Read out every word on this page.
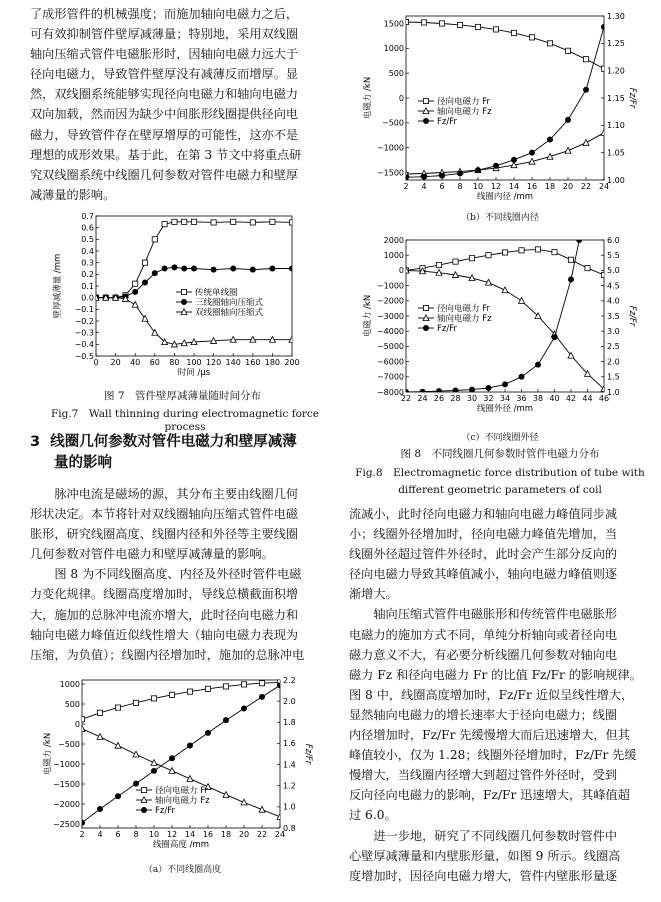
了成形管件的机械强度；而施加轴向电磁力之后，

可有效抑制管件壁厚减薄量；特别地，采用双线圈

轴向压缩式管件电磁胀形时，因轴向电磁力远大于

径向电磁力，导致管件壁厚没有减薄反而增厚。显

然，双线圈系统能够实现径向电磁力和轴向电磁力

双向加载，然而因为缺少中间胀形线圈提供径向电

磁力，导致管件存在壁厚增厚的可能性，这亦不是

理想的成形效果。基于此，在第 3 节文中将重点研

究双线圈系统中线圈几何参数对管件电磁力和壁厚

减薄量的影响。

0 20 40 60 80 100 120 140 160 180 200
−0.5
−0.4
−0.3
−0.2
−0.1
0.0
0.1
0.2
0.3
0.4
0.5
0.6
0.7
时间 /μs
壁厚减薄量 /mm	传统单线圈
三线圈轴向压缩式
双线圈轴向压缩式
图 7　管件壁厚减薄量随时间分布
Fig.7　Wall thinning during electromagnetic force process
3 线圈几何参数对管件电磁力和壁厚减薄
量的影响

　　脉冲电流是磁场的源，其分布主要由线圈几何

形状决定。本节将针对双线圈轴向压缩式管件电磁

胀形，研究线圈高度、线圈内径和外径等主要线圈

几何参数对管件电磁力和壁厚减薄量的影响。

　　图 8 为不同线圈高度、内径及外径时管件电磁

力变化规律。线圈高度增加时，导线总横截面积增

大，施加的总脉冲电流亦增大，此时径向电磁力和

轴向电磁力峰值近似线性增大（轴向电磁力表现为

压缩，为负值）；线圈内径增加时，施加的总脉冲电

2 4 6 8 10 12 14 16 18 20 22 24
−2500
−2000
−1500
−1000
−500
0
500
1000
0.8
1.0
1.2
1.4
1.6
1.8
2.0
2.2
Fz/Fr
线圈高度 /mm
电磁力 /kN
径向电磁力 Fr
轴向电磁力 Fz
Fz/Fr
（a）不同线圈高度
2 4 6 8 10 12 14 16 18 20 22 24
−1500
−1000
−500
0
500
1000
1500
1.00
1.05
1.10
1.15
1.20
1.25
1.30
Fz/Fr
线圈内径 /mm
电磁力 /kN	径向电磁力 Fr
轴向电磁力 Fz
Fz/Fr
（b）不同线圈内径
22 24 26 28 30 32 34 36 38 40 42 44 46
−8000
−7000
−6000
−5000
−4000
−3000
−2000
−1000
0
1000
2000
1.0
1.5
2.0
2.5
3.0
3.5
4.0
4.5
5.0
5.5
6.0
Fz/Fr
线圈外径 /mm
电磁力 /kN	径向电磁力 Fr
轴向电磁力 Fz
Fz/Fr
（c）不同线圈外径
图 8　不同线圈几何参数时管件电磁力分布
Fig.8　Electromagnetic force distribution of tube with
different geometric parameters of coil

流减小，此时径向电磁力和轴向电磁力峰值同步减

小；线圈外径增加时，径向电磁力峰值先增加，当

线圈外径超过管件外径时，此时会产生部分反向的

径向电磁力导致其峰值减小，轴向电磁力峰值则逐

渐增大。

　　轴向压缩式管件电磁胀形和传统管件电磁胀形

电磁力的施加方式不同，单纯分析轴向或者径向电

磁力意义不大，有必要分析线圈几何参数对轴向电

磁力 Fz 和径向电磁力 Fr 的比值 Fz/Fr 的影响规律。

图 8 中，线圈高度增加时，Fz/Fr 近似呈线性增大，

显然轴向电磁力的增长速率大于径向电磁力；线圈

内径增加时，Fz/Fr 先缓慢增大而后迅速增大，但其

峰值较小，仅为 1.28；线圈外径增加时，Fz/Fr 先缓

慢增大，当线圈内径增大到超过管件外径时，受到

反向径向电磁力的影响，Fz/Fr 迅速增大，其峰值超

过 6.0。

　　进一步地，研究了不同线圈几何参数时管件中

心壁厚减薄量和内壁胀形量，如图 9 所示。线圈高

度增加时，因径向电磁力增大，管件内壁胀形量逐
